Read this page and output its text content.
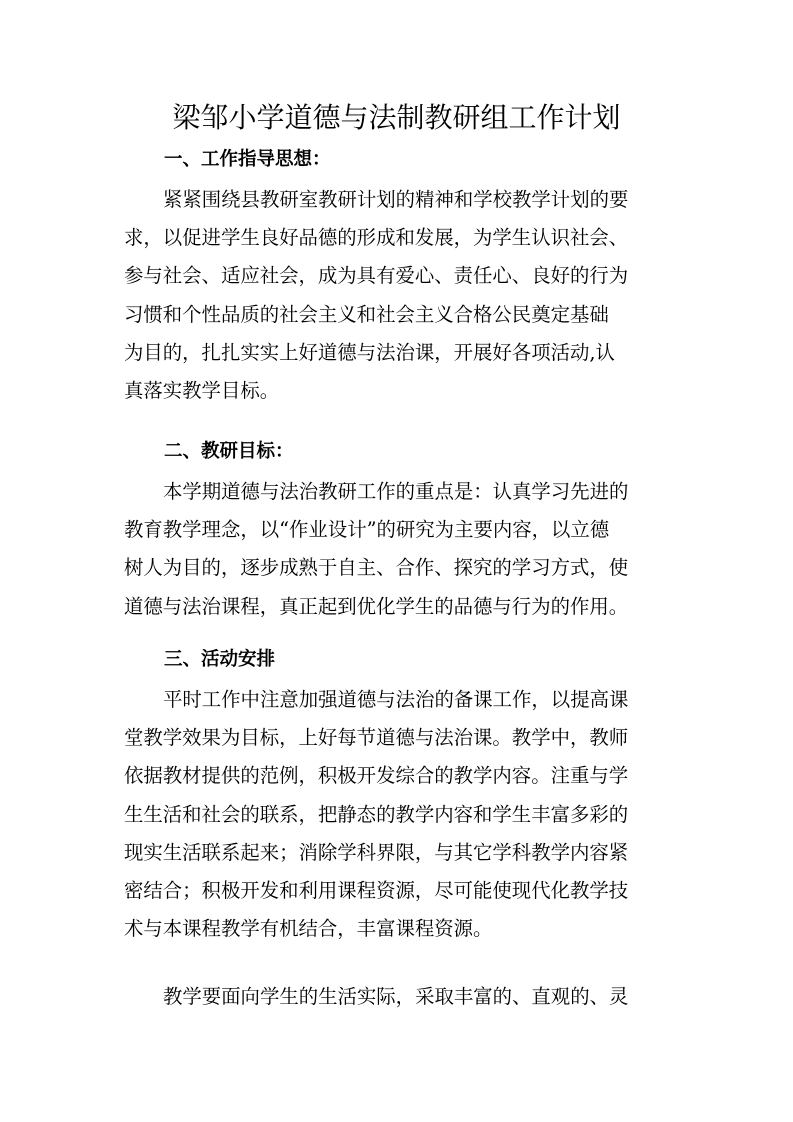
梁邹小学道德与法制教研组工作计划
一、工作指导思想：
紧紧围绕县教研室教研计划的精神和学校教学计划的要
求，以促进学生良好品德的形成和发展，为学生认识社会、
参与社会、适应社会，成为具有爱心、责任心、良好的行为
习惯和个性品质的社会主义和社会主义合格公民奠定基础
为目的，扎扎实实上好道德与法治课，开展好各项活动,认
真落实教学目标。
二、教研目标：
本学期道德与法治教研工作的重点是：认真学习先进的
教育教学理念，以“作业设计”的研究为主要内容，以立德
树人为目的，逐步成熟于自主、合作、探究的学习方式，使
道德与法治课程，真正起到优化学生的品德与行为的作用。
三、活动安排
平时工作中注意加强道德与法治的备课工作，以提高课
堂教学效果为目标，上好每节道德与法治课。教学中，教师
依据教材提供的范例，积极开发综合的教学内容。注重与学
生生活和社会的联系，把静态的教学内容和学生丰富多彩的
现实生活联系起来；消除学科界限，与其它学科教学内容紧
密结合；积极开发和利用课程资源，尽可能使现代化教学技
术与本课程教学有机结合，丰富课程资源。
教学要面向学生的生活实际，采取丰富的、直观的、灵
